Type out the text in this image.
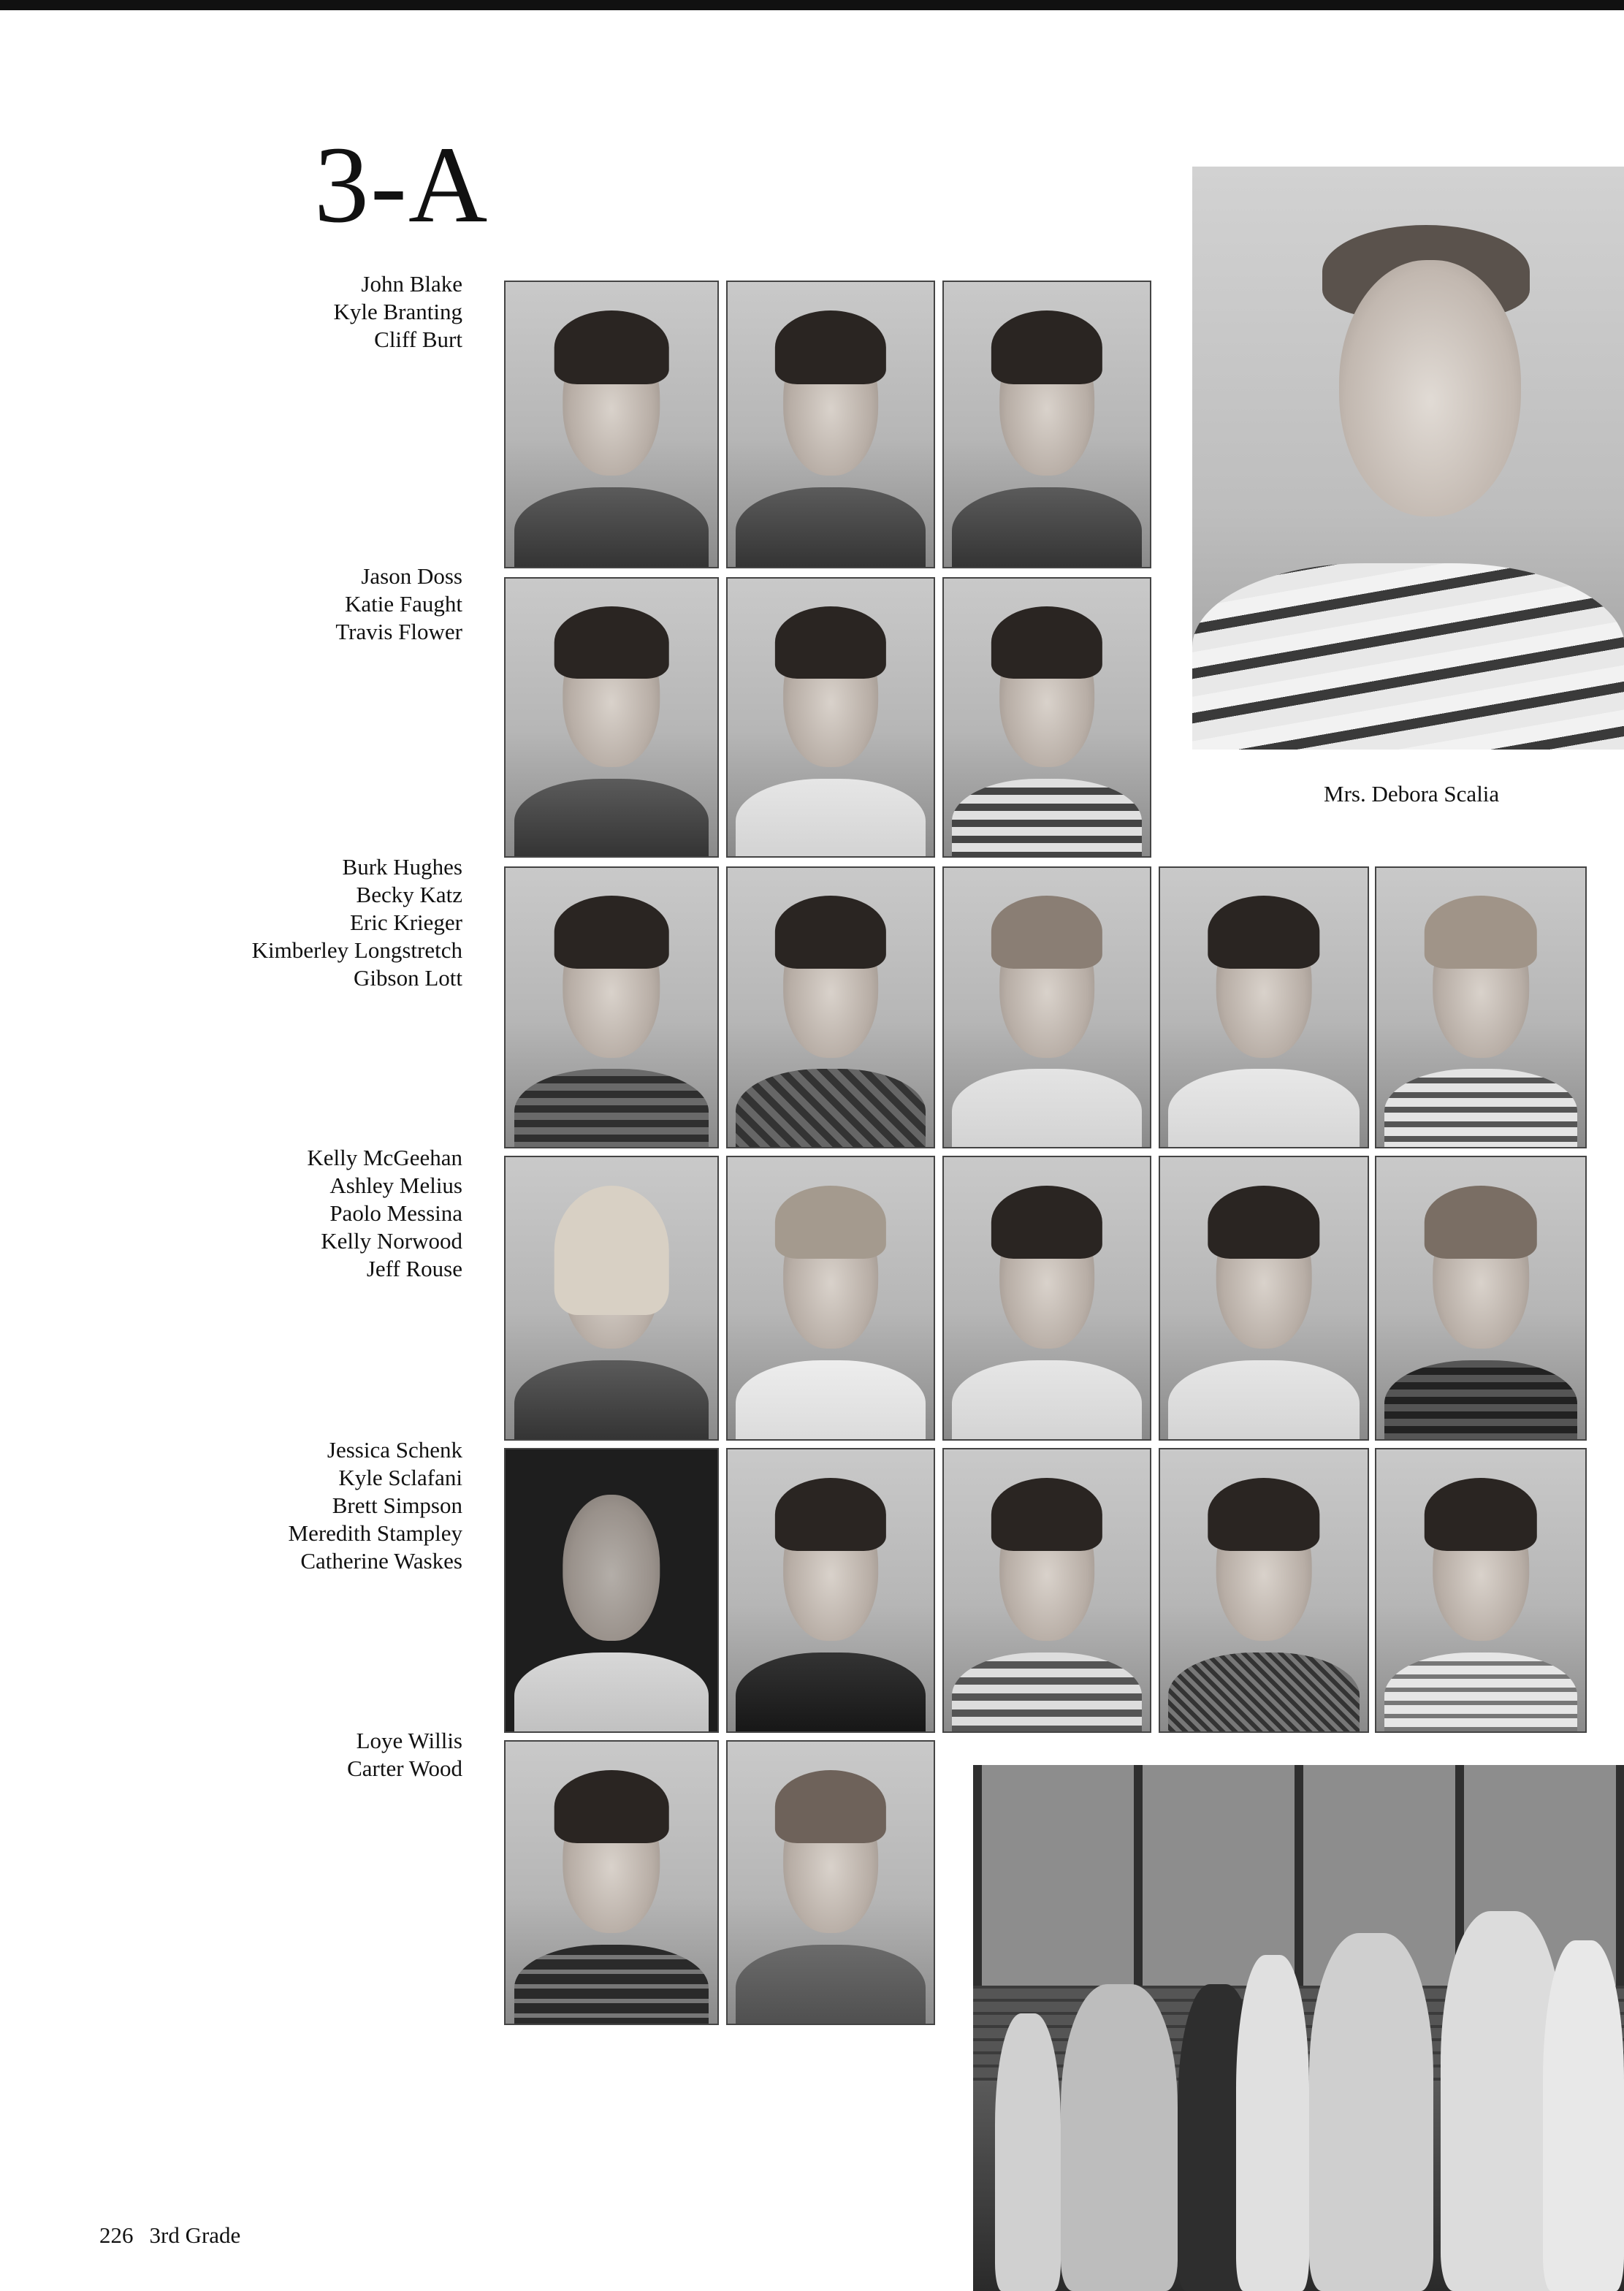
3-A
John Blake
Kyle Branting
Cliff Burt
Jason Doss
Katie Faught
Travis Flower
Burk Hughes
Becky Katz
Eric Krieger
Kimberley Longstretch
Gibson Lott
Kelly McGeehan
Ashley Melius
Paolo Messina
Kelly Norwood
Jeff Rouse
Jessica Schenk
Kyle Sclafani
Brett Simpson
Meredith Stampley
Catherine Waskes
Loye Willis
Carter Wood
Mrs. Debora Scalia
226 3rd Grade
